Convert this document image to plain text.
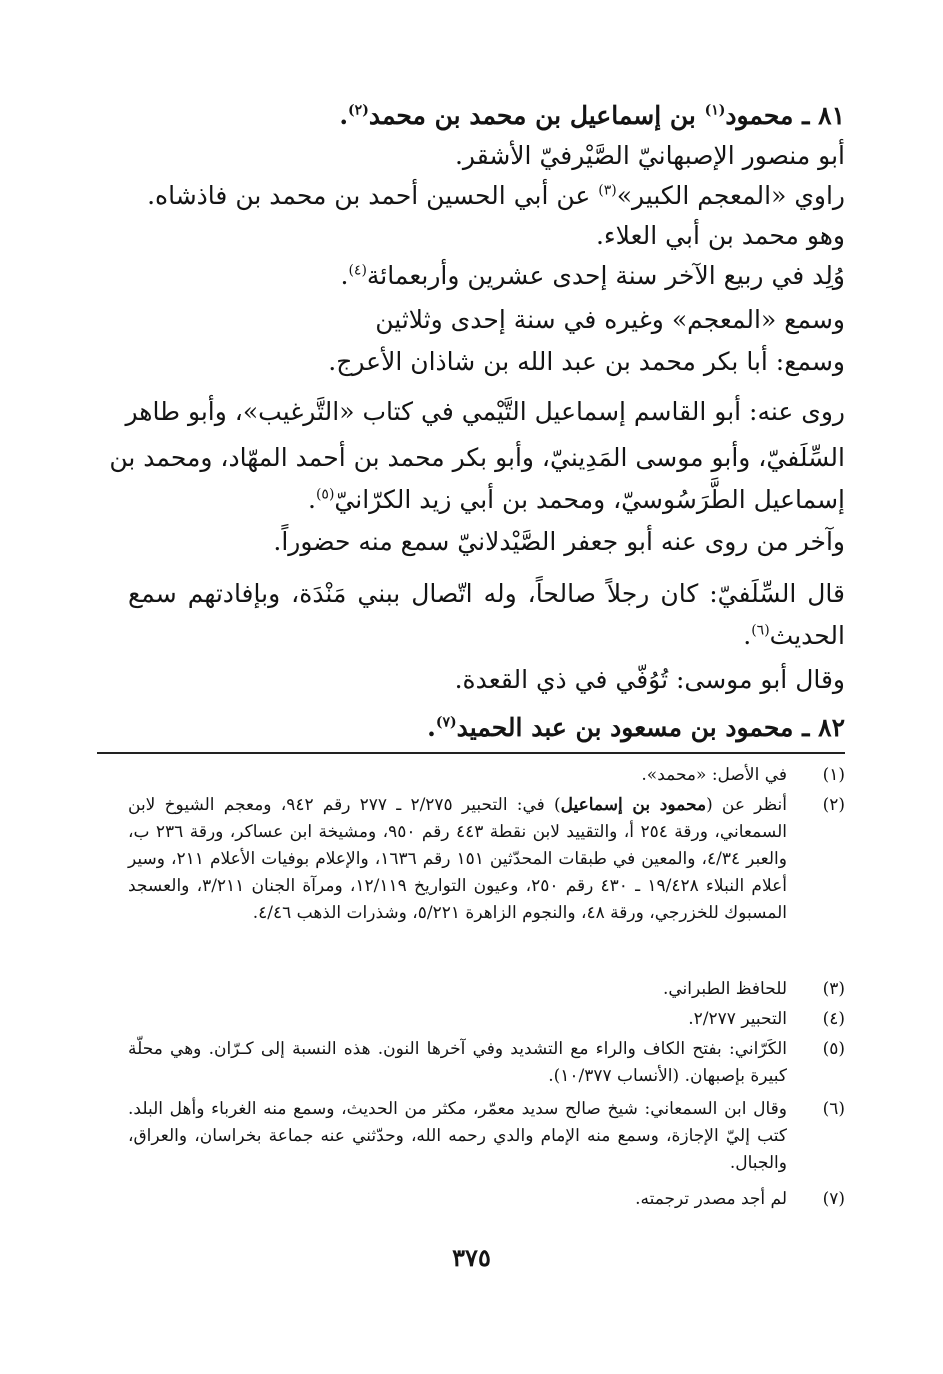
٨١ ـ محمود$^{(١)}$ بن إسماعيل بن محمد بن محمد$^{(٢)}$.
أبو منصور الإصبهانيّ الصَّيْرفيّ الأشقر.
راوي «المعجم الكبير»$^{(٣)}$ عن أبي الحسين أحمد بن محمد بن فاذشاه.
وهو محمد بن أبي العلاء.
وُلِد في ربيع الآخر سنة إحدى عشرين وأربعمائة$^{(٤)}$.
وسمع «المعجم» وغيره في سنة إحدى وثلاثين
وسمع: أبا بكر محمد بن عبد الله بن شاذان الأعرج.
روى عنه: أبو القاسم إسماعيل التَّيْمي في كتاب «التَّرغيب»، وأبو طاهر
السِّلَفيّ، وأبو موسى المَدِينيّ، وأبو بكر محمد بن أحمد المهّاد، ومحمد بن
إسماعيل الطَّرَسُوسيّ، ومحمد بن أبي زيد الكرّانيّ$^{(٥)}$.
وآخر من روى عنه أبو جعفر الصَّيْدلانيّ سمع منه حضوراً.
قال السِّلَفيّ: كان رجلاً صالحاً، وله اتّصال ببني مَنْدَة، وبإفادتهم سمع
الحديث$^{(٦)}$.
وقال أبو موسى: تُوُفّي في ذي القعدة.
٨٢ ـ محمود بن مسعود بن عبد الحميد$^{(٧)}$.
(١)
في الأصل: «محمد».
(٢)
أنظر عن (محمود بن إسماعيل) في: التحبير ٢/٢٧٥ ـ ٢٧٧ رقم ٩٤٢، ومعجم الشيوخ لابن السمعاني، ورقة ٢٥٤ أ، والتقييد لابن نقطة ٤٤٣ رقم ٩٥٠، ومشيخة ابن عساكر، ورقة ٢٣٦ ب، والعبر ٤/٣٤، والمعين في طبقات المحدّثين ١٥١ رقم ١٦٣٦، والإعلام بوفيات الأعلام ٢١١، وسير أعلام النبلاء ١٩/٤٢٨ ـ ٤٣٠ رقم ٢٥٠، وعيون التواريخ ١٢/١١٩، ومرآة الجنان ٣/٢١١، والعسجد المسبوك للخزرجي، ورقة ٤٨، والنجوم الزاهرة ٥/٢٢١، وشذرات الذهب ٤/٤٦.
(٣)
للحافظ الطبراني.
(٤)
التحبير ٢/٢٧٧.
(٥)
الكَرّاني: بفتح الكاف والراء مع التشديد وفي آخرها النون. هذه النسبة إلى كـرّان. وهي محلّة كبيرة بإصبهان. (الأنساب ١٠/٣٧٧).
(٦)
وقال ابن السمعاني: شيخ صالح سديد معمّر، مكثر من الحديث، وسمع منه الغرباء وأهل البلد. كتب إليّ الإجازة، وسمع منه الإمام والدي رحمه الله، وحدّثني عنه جماعة بخراسان، والعراق، والجبال.
(٧)
لم أجد مصدر ترجمته.
٣٧٥
